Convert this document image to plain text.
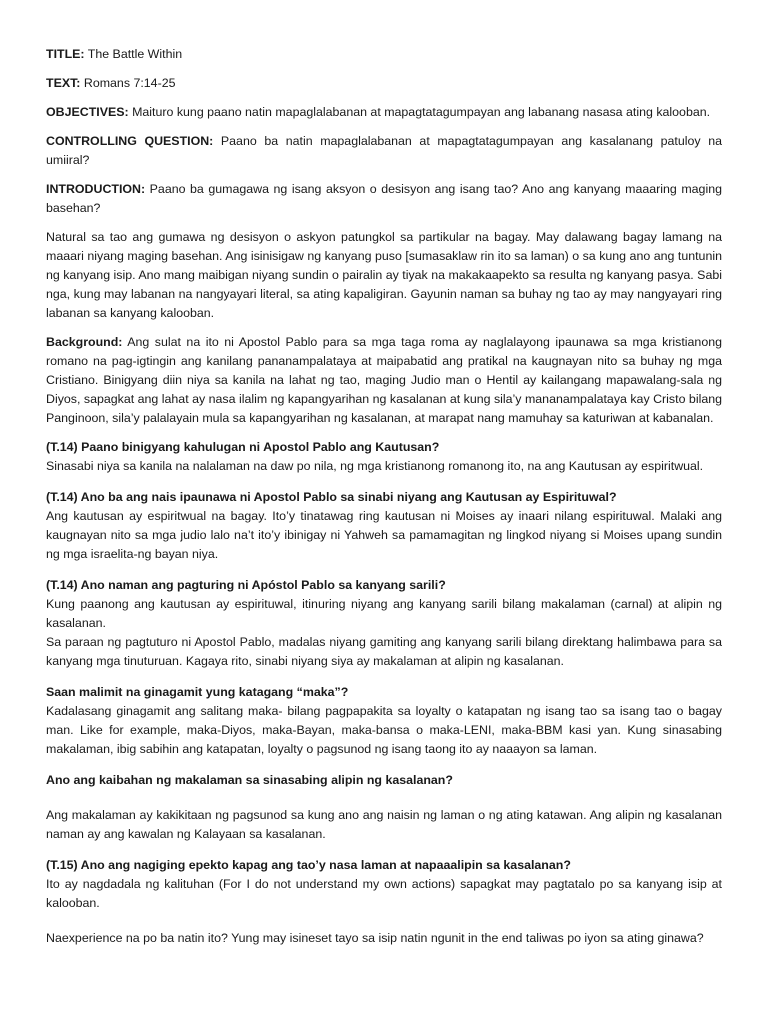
TITLE: The Battle Within

TEXT: Romans 7:14-25

OBJECTIVES: Maituro kung paano natin mapaglalabanan at mapagtatagumpayan ang labanang nasasa ating kalooban.

CONTROLLING QUESTION: Paano ba natin mapaglalabanan at mapagtatagumpayan ang kasalanang patuloy na umiiral?

INTRODUCTION: Paano ba gumagawa ng isang aksyon o desisyon ang isang tao? Ano ang kanyang maaaring maging basehan?

Natural sa tao ang gumawa ng desisyon o askyon patungkol sa partikular na bagay. May dalawang bagay lamang na maaari niyang maging basehan. Ang isinisigaw ng kanyang puso [sumasaklaw rin ito sa laman) o sa kung ano ang tuntunin ng kanyang isip. Ano mang maibigan niyang sundin o pairalin ay tiyak na makakaapekto sa resulta ng kanyang pasya. Sabi nga, kung may labanan na nangyayari literal, sa ating kapaligiran. Gayunin naman sa buhay ng tao ay may nangyayari ring labanan sa kanyang kalooban.

Background: Ang sulat na ito ni Apostol Pablo para sa mga taga roma ay naglalayong ipaunawa sa mga kristianong romano na pag-igtingin ang kanilang pananampalataya at maipabatid ang pratikal na kaugnayan nito sa buhay ng mga Cristiano. Binigyang diin niya sa kanila na lahat ng tao, maging Judio man o Hentil ay kailangang mapawalang-sala ng Diyos, sapagkat ang lahat ay nasa ilalim ng kapangyarihan ng kasalanan at kung sila’y mananampalataya kay Cristo bilang Panginoon, sila’y palalayain mula sa kapangyarihan ng kasalanan, at marapat nang mamuhay sa katuriwan at kabanalan.

(T.14) Paano binigyang kahulugan ni Apostol Pablo ang Kautusan?

Sinasabi niya sa kanila na nalalaman na daw po nila, ng mga kristianong romanong ito, na ang Kautusan ay espiritwual.

(T.14) Ano ba ang nais ipaunawa ni Apostol Pablo sa sinabi niyang ang Kautusan ay Espirituwal?

Ang kautusan ay espiritwual na bagay. Ito’y tinatawag ring kautusan ni Moises ay inaari nilang espirituwal. Malaki ang kaugnayan nito sa mga judio lalo na’t ito’y ibinigay ni Yahweh sa pamamagitan ng lingkod niyang si Moises upang sundin ng mga israelita-ng bayan niya.

(T.14) Ano naman ang pagturing ni Apóstol Pablo sa kanyang sarili?

Kung paanong ang kautusan ay espirituwal, itinuring niyang ang kanyang sarili bilang makalaman (carnal) at alipin ng kasalanan.

Sa paraan ng pagtuturo ni Apostol Pablo, madalas niyang gamiting ang kanyang sarili bilang direktang halimbawa para sa kanyang mga tinuturuan. Kagaya rito, sinabi niyang siya ay makalaman at alipin ng kasalanan.

Saan malimit na ginagamit yung katagang “maka”?

Kadalasang ginagamit ang salitang maka- bilang pagpapakita sa loyalty o katapatan ng isang tao sa isang tao o bagay man. Like for example, maka-Diyos, maka-Bayan, maka-bansa o maka-LENI, maka-BBM kasi yan. Kung sinasabing makalaman, ibig sabihin ang katapatan, loyalty o pagsunod ng isang taong ito ay naaayon sa laman.

Ano ang kaibahan ng makalaman sa sinasabing alipin ng kasalanan?

Ang makalaman ay kakikitaan ng pagsunod sa kung ano ang naisin ng laman o ng ating katawan. Ang alipin ng kasalanan naman ay ang kawalan ng Kalayaan sa kasalanan.

(T.15) Ano ang nagiging epekto kapag ang tao’y nasa laman at napaaalipin sa kasalanan?

Ito ay nagdadala ng kalituhan (For I do not understand my own actions) sapagkat may pagtatalo po sa kanyang isip at kalooban.

Naexperience na po ba natin ito? Yung may isineset tayo sa isip natin ngunit in the end taliwas po iyon sa ating ginawa?
